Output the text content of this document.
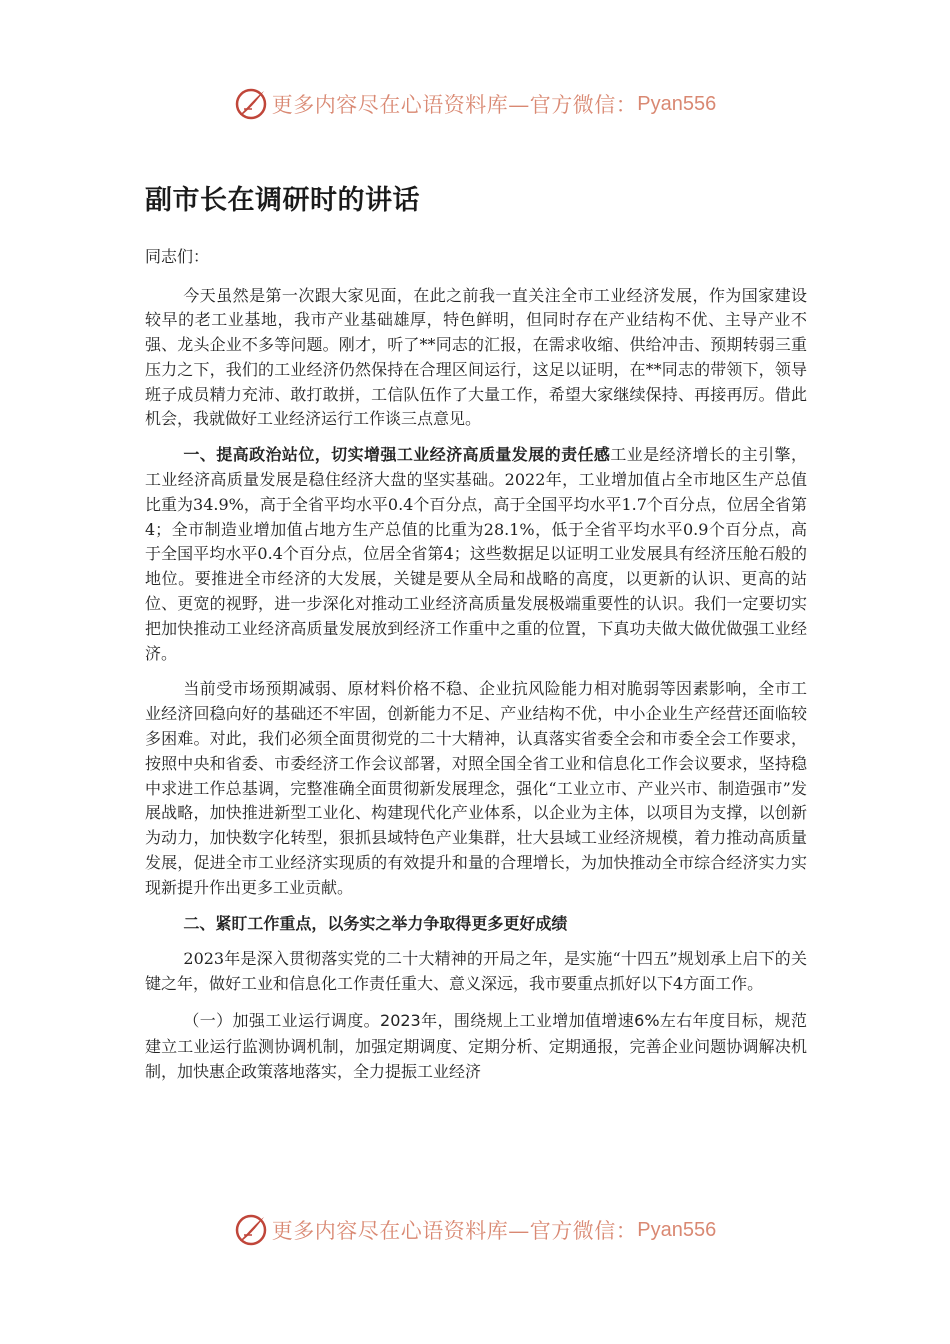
更多内容尽在心语资料库—官方微信： Pyan556
副市长在调研时的讲话

同志们：

今天虽然是第一次跟大家见面，在此之前我一直关注全市工业经济发展，作为国家建设较早的老工业基地，我市产业基础雄厚，特色鲜明，但同时存在产业结构不优、主导产业不强、龙头企业不多等问题。刚才，听了**同志的汇报，在需求收缩、供给冲击、预期转弱三重压力之下，我们的工业经济仍然保持在合理区间运行，这足以证明，在**同志的带领下，领导班子成员精力充沛、敢打敢拼，工信队伍作了大量工作，希望大家继续保持、再接再厉。借此机会，我就做好工业经济运行工作谈三点意见。

一、提高政治站位，切实增强工业经济高质量发展的责任感工业是经济增长的主引擎，工业经济高质量发展是稳住经济大盘的坚实基础。2022年，工业增加值占全市地区生产总值比重为34.9%，高于全省平均水平0.4个百分点，高于全国平均水平1.7个百分点，位居全省第4；全市制造业增加值占地方生产总值的比重为28.1%，低于全省平均水平0.9个百分点，高于全国平均水平0.4个百分点，位居全省第4；这些数据足以证明工业发展具有经济压舱石般的地位。要推进全市经济的大发展，关键是要从全局和战略的高度，以更新的认识、更高的站位、更宽的视野，进一步深化对推动工业经济高质量发展极端重要性的认识。我们一定要切实把加快推动工业经济高质量发展放到经济工作重中之重的位置，下真功夫做大做优做强工业经济。

当前受市场预期减弱、原材料价格不稳、企业抗风险能力相对脆弱等因素影响，全市工业经济回稳向好的基础还不牢固，创新能力不足、产业结构不优，中小企业生产经营还面临较多困难。对此，我们必须全面贯彻党的二十大精神，认真落实省委全会和市委全会工作要求，按照中央和省委、市委经济工作会议部署，对照全国全省工业和信息化工作会议要求，坚持稳中求进工作总基调，完整准确全面贯彻新发展理念，强化“工业立市、产业兴市、制造强市”发展战略，加快推进新型工业化、构建现代化产业体系，以企业为主体，以项目为支撑，以创新为动力，加快数字化转型，狠抓县域特色产业集群，壮大县域工业经济规模，着力推动高质量发展，促进全市工业经济实现质的有效提升和量的合理增长，为加快推动全市综合经济实力实现新提升作出更多工业贡献。

二、紧盯工作重点，以务实之举力争取得更多更好成绩

2023年是深入贯彻落实党的二十大精神的开局之年，是实施“十四五”规划承上启下的关键之年，做好工业和信息化工作责任重大、意义深远，我市要重点抓好以下4方面工作。

（一）加强工业运行调度。2023年，围绕规上工业增加值增速6%左右年度目标，规范建立工业运行监测协调机制，加强定期调度、定期分析、定期通报，完善企业问题协调解决机制，加快惠企政策落地落实，全力提振工业经济

更多内容尽在心语资料库—官方微信： Pyan556
